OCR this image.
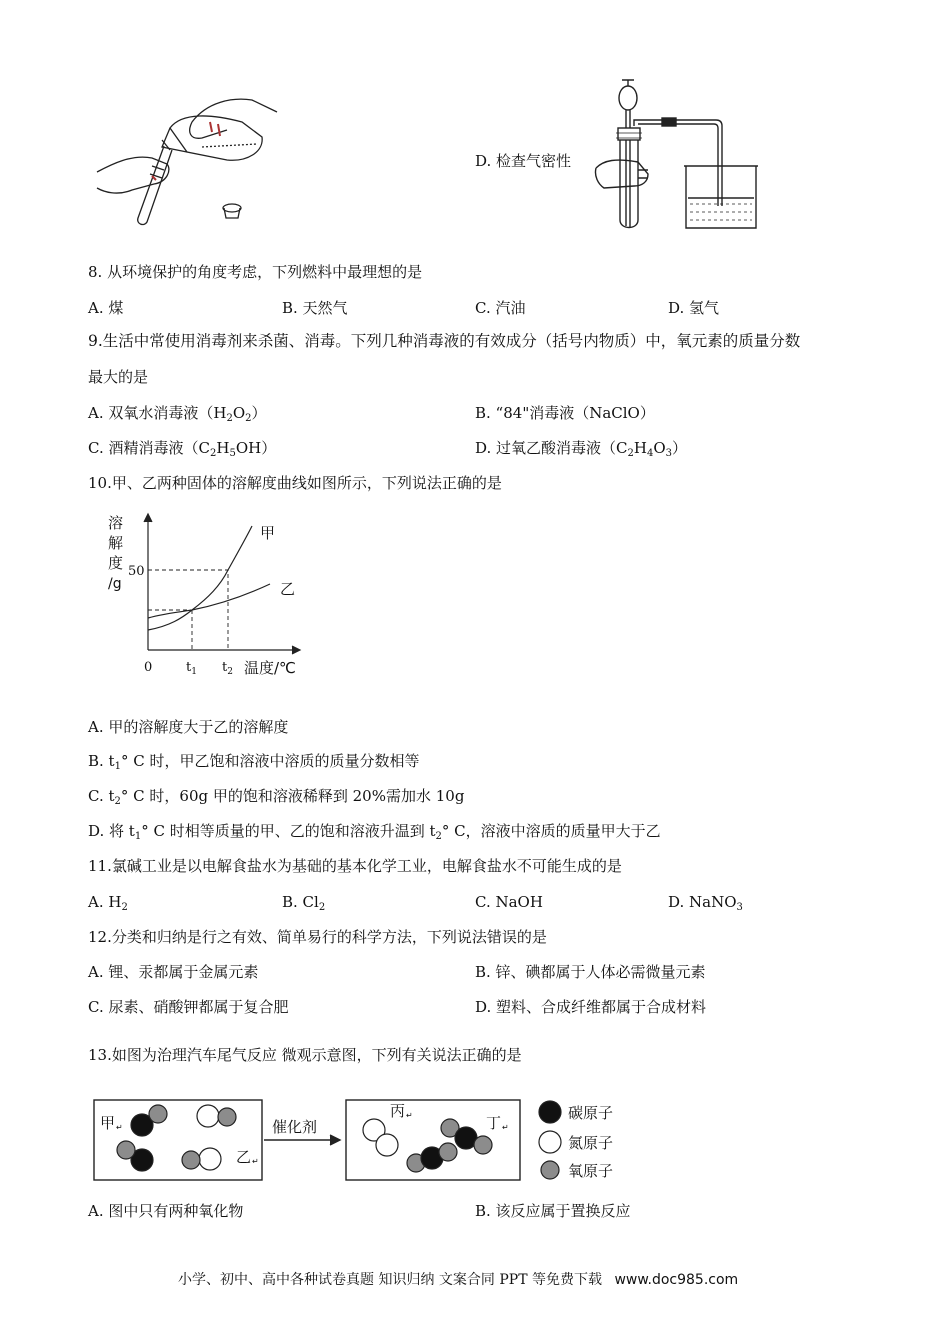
D. 检查气密性
8. 从环境保护的角度考虑，下列燃料中最理想的是
A. 煤	B. 天然气	C. 汽油	D. 氢气
9.生活中常使用消毒剂来杀菌、消毒。下列几种消毒液的有效成分（括号内物质）中，氧元素的质量分数
最大的是
A. 双氧水消毒液$(H_2O_2)$	B. “84"消毒液（NaClO）
C. 酒精消毒液$(C_2H_5OH)$	D. 过氧乙酸消毒液$(C_2H_4O_3)$
10.甲、乙两种固体的溶解度曲线如图所示，下列说法正确的是
溶
解
度
/g
甲
乙
温度/℃
50
0	$t_1$ $t_2$
A. 甲的溶解度大于乙的溶解度
B. $t_1^\circ$ C 时，甲乙饱和溶液中溶质的质量分数相等
C. $t_2^\circ$ C 时，60g 甲的饱和溶液稀释到 20%需加水 10g
D. 将 $t_1^\circ$ C 时相等质量的甲、乙的饱和溶液升温到 $t_2^\circ$ C，溶液中溶质的质量甲大于乙
11.氯碱工业是以电解食盐水为基础的基本化学工业，电解食盐水不可能生成的是
A. $H_2$	B. $Cl_2$	C. NaOH	D. NaNO$_3$
12.分类和归纳是行之有效、简单易行的科学方法，下列说法错误的是
A. 锂、汞都属于金属元素	B. 锌、碘都属于人体必需微量元素
C. 尿素、硝酸钾都属于复合肥	D. 塑料、合成纤维都属于合成材料
13.如图为治理汽车尾气反应 微观示意图，下列有关说法正确的是
甲 ↵
乙 ↵
催化剂
丙 ↵	丁 ↵
碳原子
氮原子
氧原子
A. 图中只有两种氧化物	B. 该反应属于置换反应
小学、初中、高中各种试卷真题 知识归纳 文案合同 PPT 等免费下载 www.doc985.com
